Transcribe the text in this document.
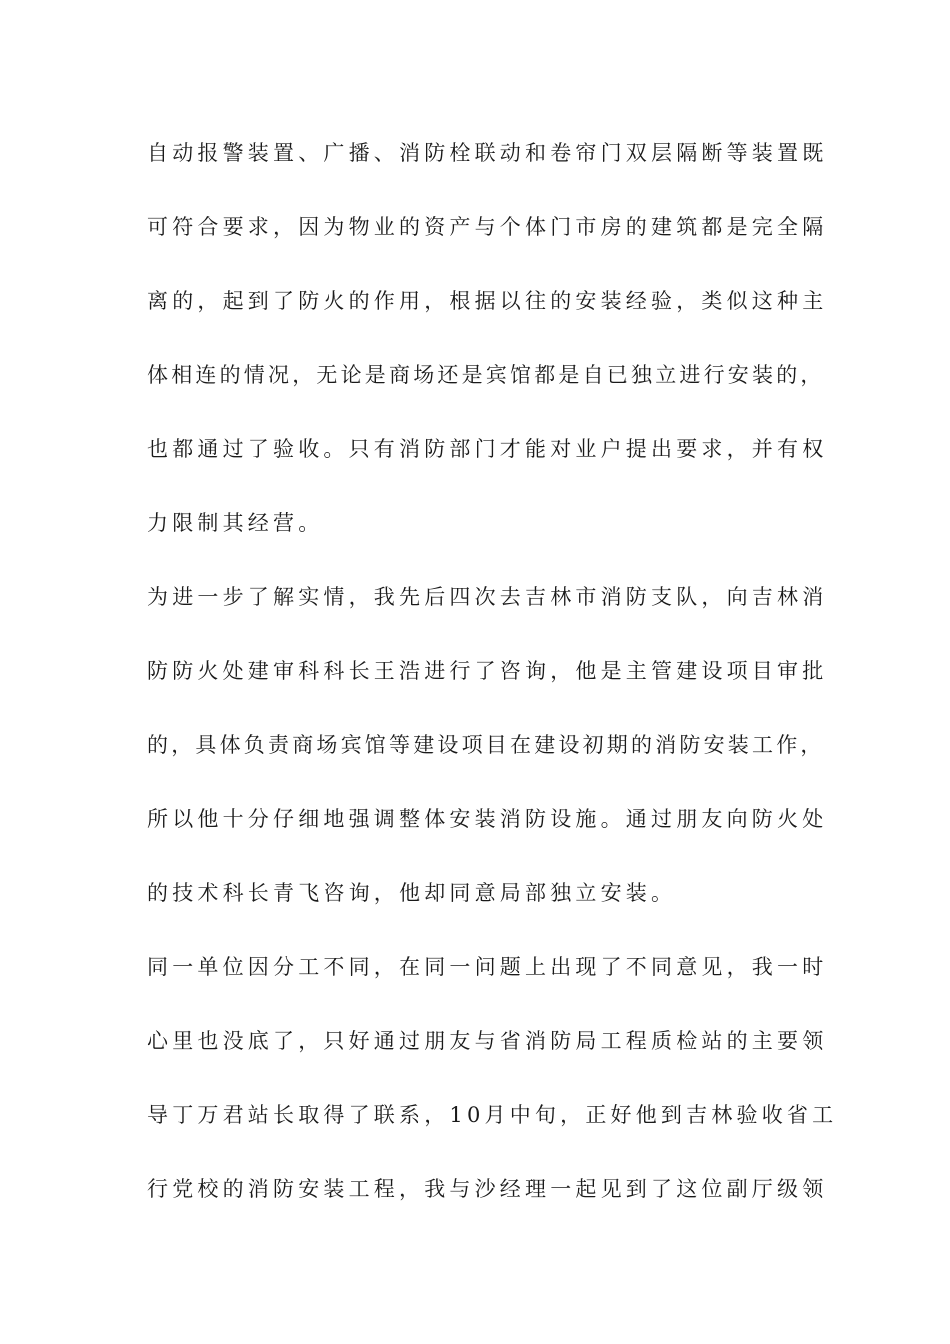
自动报警装置、广播、消防栓联动和卷帘门双层隔断等装置既
可符合要求，因为物业的资产与个体门市房的建筑都是完全隔
离的，起到了防火的作用，根据以往的安装经验，类似这种主
体相连的情况，无论是商场还是宾馆都是自已独立进行安装的，
也都通过了验收。只有消防部门才能对业户提出要求，并有权
力限制其经营。
为进一步了解实情，我先后四次去吉林市消防支队，向吉林消
防防火处建审科科长王浩进行了咨询，他是主管建设项目审批
的，具体负责商场宾馆等建设项目在建设初期的消防安装工作，
所以他十分仔细地强调整体安装消防设施。通过朋友向防火处
的技术科长青飞咨询，他却同意局部独立安装。
同一单位因分工不同，在同一问题上出现了不同意见，我一时
心里也没底了，只好通过朋友与省消防局工程质检站的主要领
导丁万君站长取得了联系，10月中旬，正好他到吉林验收省工
行党校的消防安装工程，我与沙经理一起见到了这位副厅级领
